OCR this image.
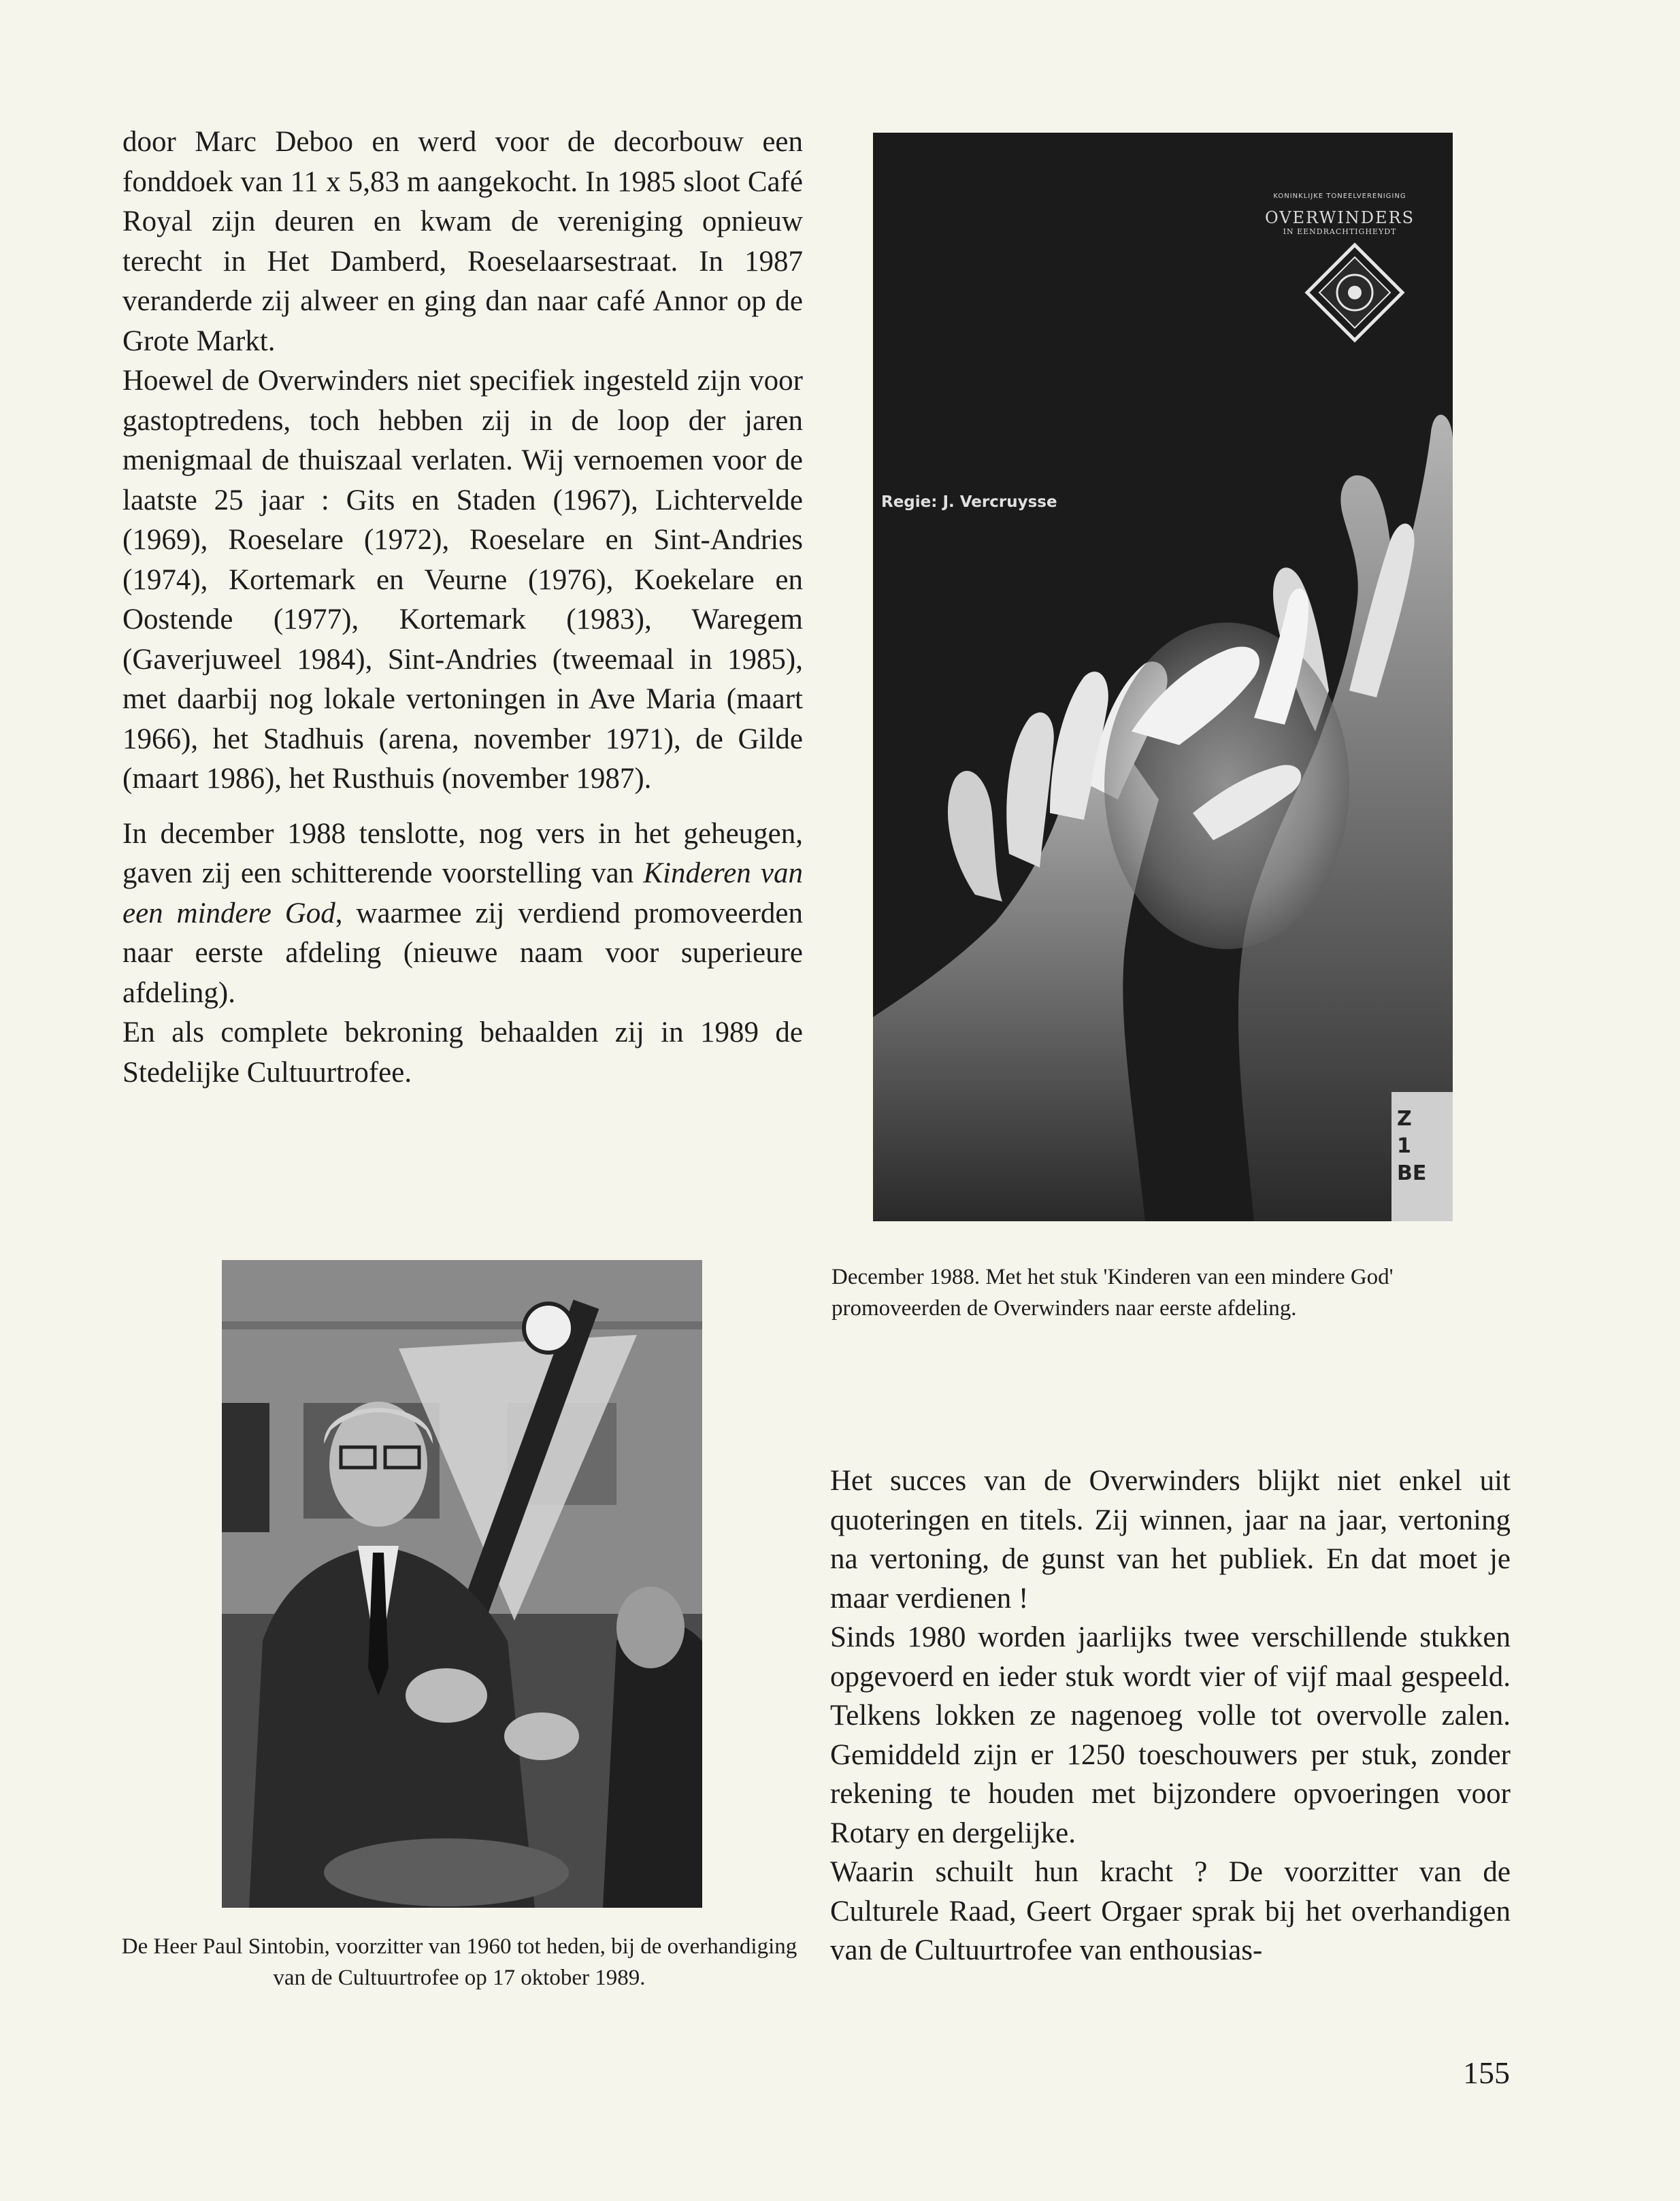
door Marc Deboo en werd voor de decorbouw een fonddoek van 11 x 5,83 m aangekocht. In 1985 sloot Café Royal zijn deuren en kwam de vereniging opnieuw terecht in Het Damberd, Roeselaarsestraat. In 1987 veranderde zij alweer en ging dan naar café Annor op de Grote Markt.

Hoewel de Overwinders niet specifiek ingesteld zijn voor gastoptredens, toch hebben zij in de loop der jaren menigmaal de thuiszaal verlaten. Wij vernoemen voor de laatste 25 jaar : Gits en Staden (1967), Lichtervelde (1969), Roeselare (1972), Roeselare en Sint-Andries (1974), Kortemark en Veurne (1976), Koekelare en Oostende (1977), Kortemark (1983), Waregem (Gaverjuweel 1984), Sint-Andries (tweemaal in 1985), met daarbij nog lokale vertoningen in Ave Maria (maart 1966), het Stadhuis (arena, november 1971), de Gilde (maart 1986), het Rusthuis (november 1987).

In december 1988 tenslotte, nog vers in het geheugen, gaven zij een schitterende voorstelling van Kinderen van een mindere God, waarmee zij verdiend promoveerden naar eerste afdeling (nieuwe naam voor superieure afdeling).

En als complete bekroning behaalden zij in 1989 de Stedelijke Cultuurtrofee.

KONINKLIJKE TONEELVERENIGING
OVERWINDERS
IN EENDRACHTIGHEYDT
Regie: J. Vercruysse
Z
1
BE
December 1988. Met het stuk 'Kinderen van een mindere God' promoveerden de Overwinders naar eerste afdeling.
De Heer Paul Sintobin, voorzitter van 1960 tot heden, bij de overhandiging van de Cultuurtrofee op 17 oktober 1989.

Het succes van de Overwinders blijkt niet enkel uit quoteringen en titels. Zij winnen, jaar na jaar, vertoning na vertoning, de gunst van het publiek. En dat moet je maar verdienen !

Sinds 1980 worden jaarlijks twee verschillende stukken opgevoerd en ieder stuk wordt vier of vijf maal gespeeld. Telkens lokken ze nagenoeg volle tot overvolle zalen. Gemiddeld zijn er 1250 toeschouwers per stuk, zonder rekening te houden met bijzondere opvoeringen voor Rotary en dergelijke.

Waarin schuilt hun kracht ? De voorzitter van de Culturele Raad, Geert Orgaer sprak bij het overhandigen van de Cultuurtrofee van enthousias-

155
